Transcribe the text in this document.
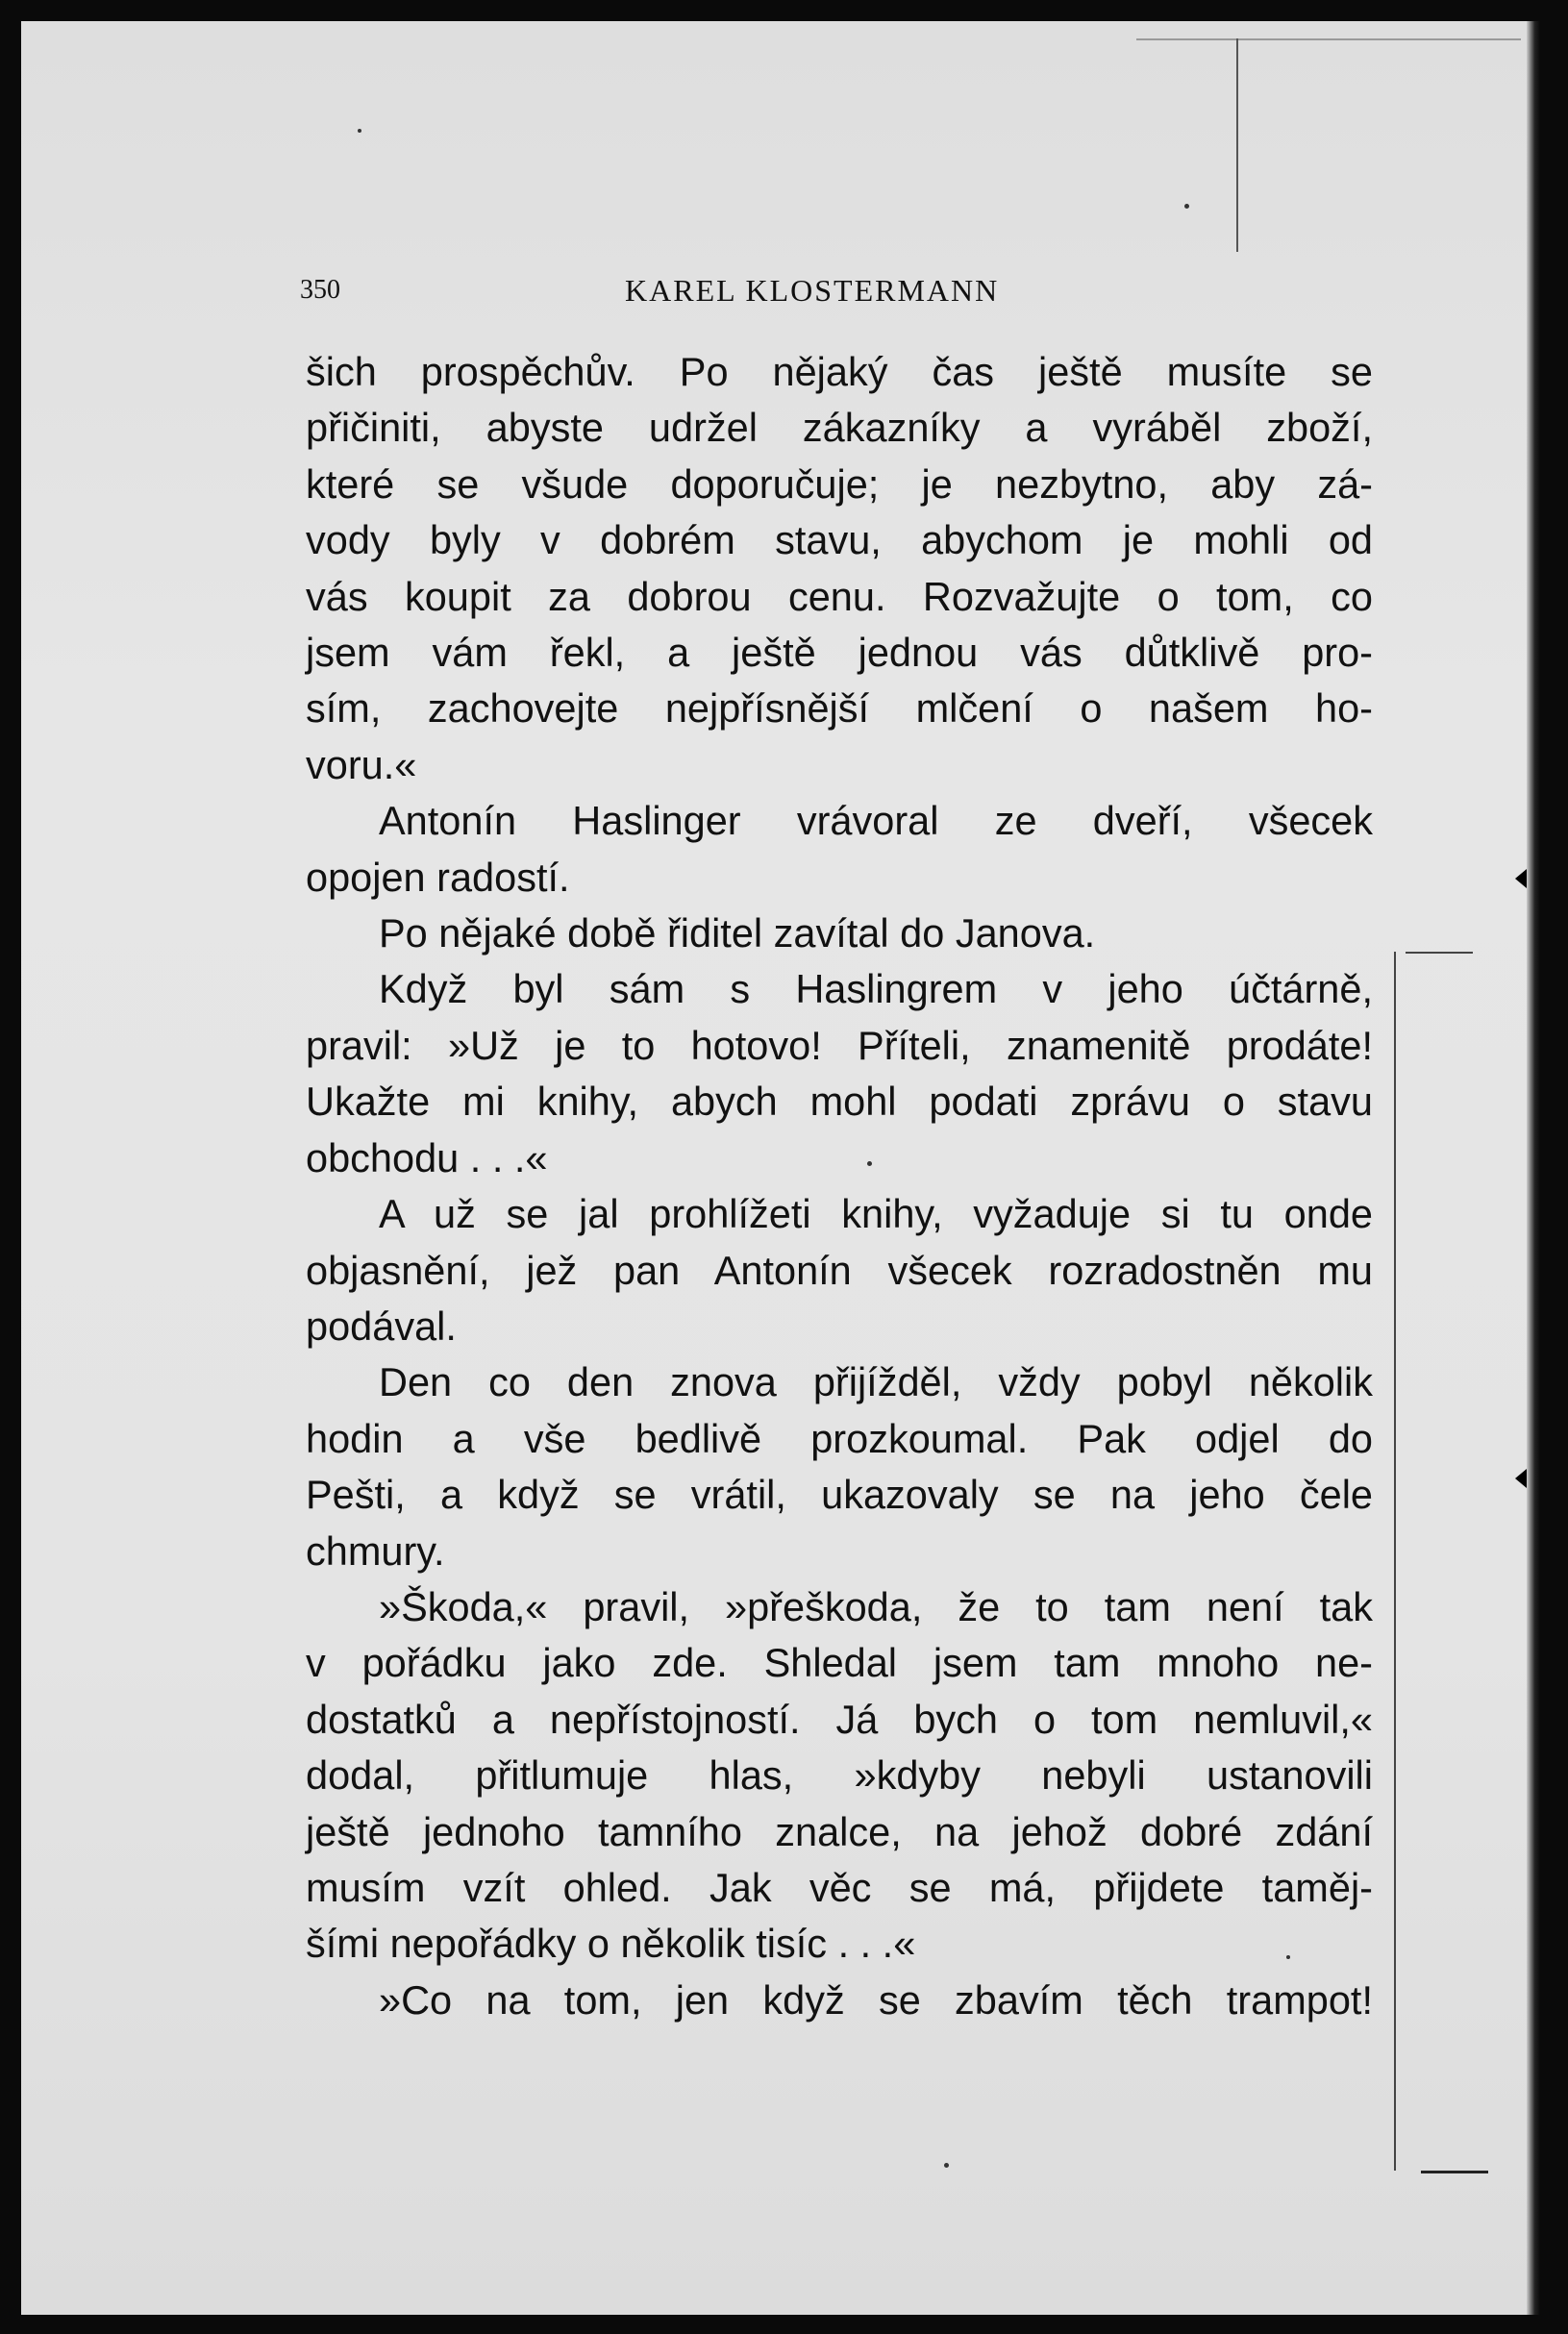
350	KAREL KLOSTERMANN
šich prospěchův. Po nějaký čas ještě musíte se
přičiniti, abyste udržel zákazníky a vyráběl zboží,
které se všude doporučuje; je nezbytno, aby zá-
vody byly v dobrém stavu, abychom je mohli od
vás koupit za dobrou cenu. Rozvažujte o tom, co
jsem vám řekl, a ještě jednou vás důtklivě pro-
sím, zachovejte nejpřísnější mlčení o našem ho-
voru.«
Antonín Haslinger vrávoral ze dveří, všecek
opojen radostí.
Po nějaké době řiditel zavítal do Janova.
Když byl sám s Haslingrem v jeho účtárně,
pravil: »Už je to hotovo! Příteli, znamenitě prodáte!
Ukažte mi knihy, abych mohl podati zprávu o stavu
obchodu . . .«
A už se jal prohlížeti knihy, vyžaduje si tu onde
objasnění, jež pan Antonín všecek rozradostněn mu
podával.
Den co den znova přijížděl, vždy pobyl několik
hodin a vše bedlivě prozkoumal. Pak odjel do
Pešti, a když se vrátil, ukazovaly se na jeho čele
chmury.
»Škoda,« pravil, »přeškoda, že to tam není tak
v pořádku jako zde. Shledal jsem tam mnoho ne-
dostatků a nepřístojností. Já bych o tom nemluvil,«
dodal, přitlumuje hlas, »kdyby nebyli ustanovili
ještě jednoho tamního znalce, na jehož dobré zdání
musím vzít ohled. Jak věc se má, přijdete taměj-
šími nepořádky o několik tisíc . . .«
»Co na tom, jen když se zbavím těch trampot!
